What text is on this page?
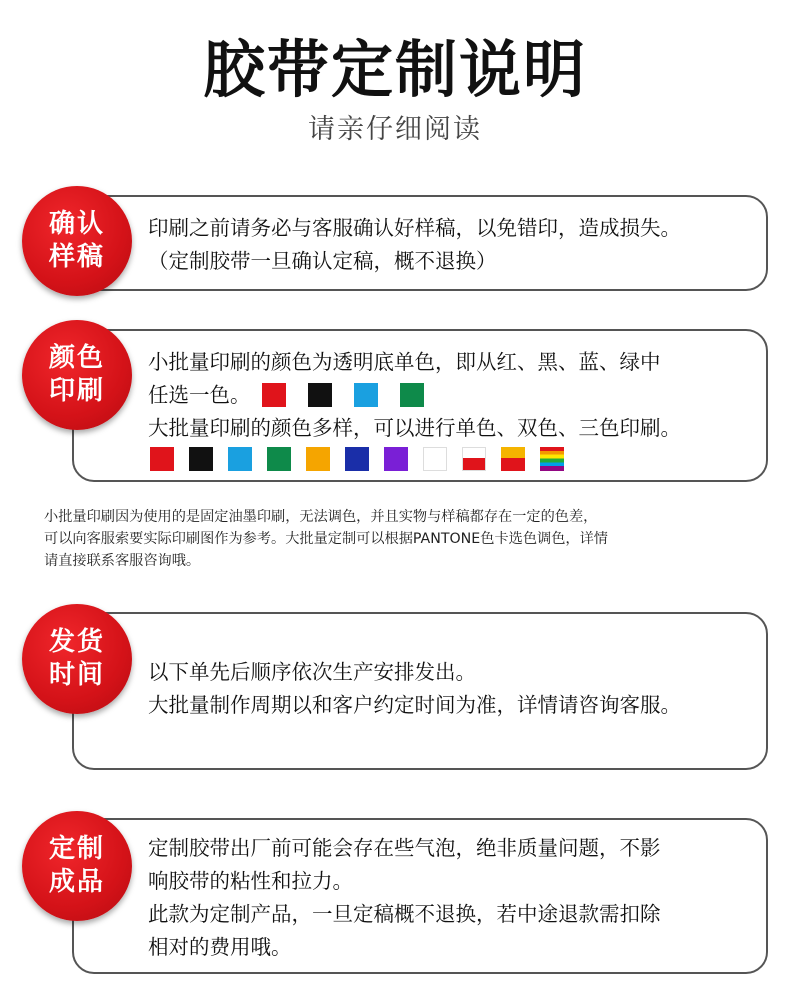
胶带定制说明
请亲仔细阅读
确认
样稿
印刷之前请务必与客服确认好样稿，以免错印，造成损失。
（定制胶带一旦确认定稿，概不退换）
颜色
印刷
小批量印刷的颜色为透明底单色，即从红、黑、蓝、绿中
任选一色。
大批量印刷的颜色多样，可以进行单色、双色、三色印刷。
小批量印刷因为使用的是固定油墨印刷，无法调色，并且实物与样稿都存在一定的色差，
可以向客服索要实际印刷图作为参考。大批量定制可以根据PANTONE色卡选色调色，详情
请直接联系客服咨询哦。
发货
时间 以下单先后顺序依次生产安排发出。
大批量制作周期以和客户约定时间为准，详情请咨询客服。
定制
成品
定制胶带出厂前可能会存在些气泡，绝非质量问题，不影
响胶带的粘性和拉力。
此款为定制产品，一旦定稿概不退换，若中途退款需扣除
相对的费用哦。
